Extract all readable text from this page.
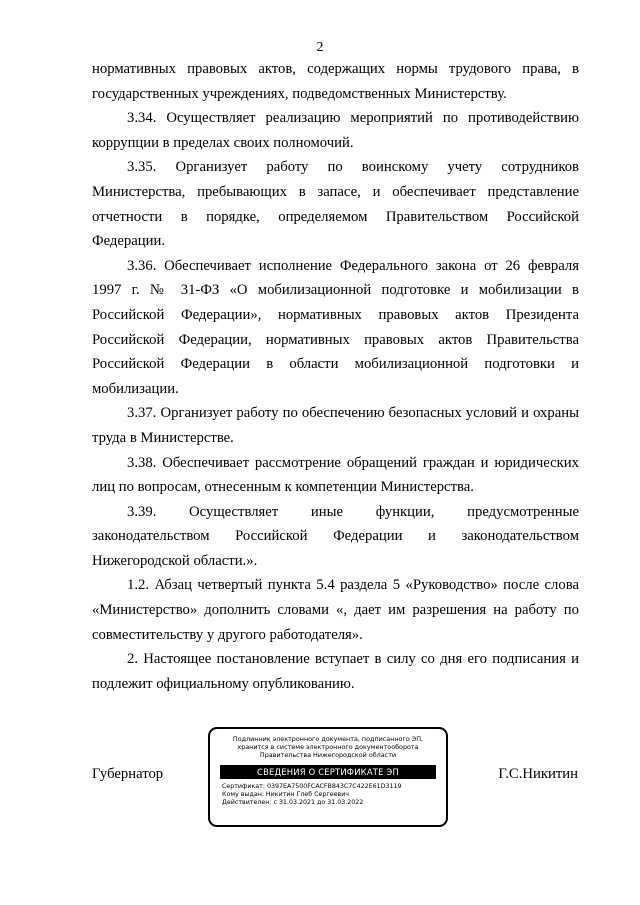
2

нормативных правовых актов, содержащих нормы трудового права, в государственных учреждениях, подведомственных Министерству.

3.34. Осуществляет реализацию мероприятий по противодействию коррупции в пределах своих полномочий.

3.35. Организует работу по воинскому учету сотрудников Министерства, пребывающих в запасе, и обеспечивает представление отчетности в порядке, определяемом Правительством Российской Федерации.

3.36. Обеспечивает исполнение Федерального закона от 26 февраля 1997 г. № 31-ФЗ «О мобилизационной подготовке и мобилизации в Российской Федерации», нормативных правовых актов Президента Российской Федерации, нормативных правовых актов Правительства Российской Федерации в области мобилизационной подготовки и мобилизации.

3.37. Организует работу по обеспечению безопасных условий и охраны труда в Министерстве.

3.38. Обеспечивает рассмотрение обращений граждан и юридических лиц по вопросам, отнесенным к компетенции Министерства.

3.39. Осуществляет иные функции, предусмотренные законодательством Российской Федерации и законодательством Нижегородской области.».

1.2. Абзац четвертый пункта 5.4 раздела 5 «Руководство» после слова «Министерство» дополнить словами «, дает им разрешения на работу по совместительству у другого работодателя».

2. Настоящее постановление вступает в силу со дня его подписания и подлежит официальному опубликованию.

Губернатор	Г.С.Никитин
Подлинник электронного документа, подписанного ЭП,
хранится в системе электронного документооборота
Правительства Нижегородской области
СВЕДЕНИЯ О СЕРТИФИКАТЕ ЭП
Сертификат: 0397EA7500FCACFB843C7C422E61D3119
Кому выдан: Никитин Глеб Сергеевич
Действителен: с 31.03.2021 до 31.03.2022
